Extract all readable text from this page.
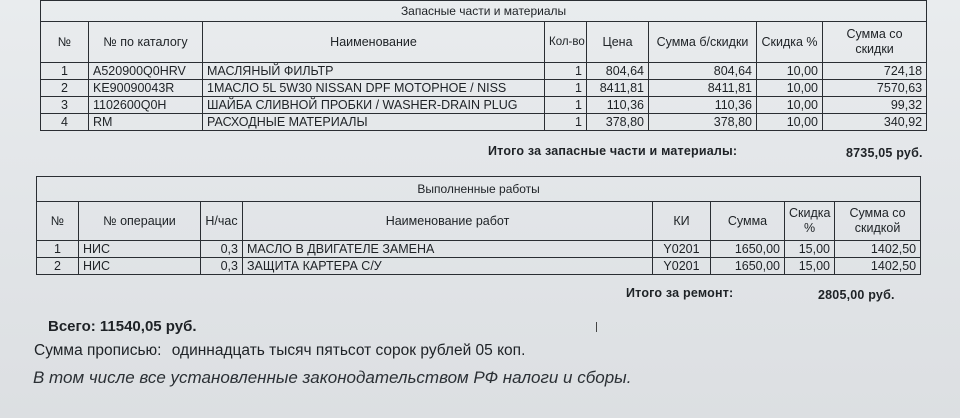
Запасные части и материалы							
№	№ по каталогу	Наименование	Кол-во	Цена	Сумма б/скидки	Скидка %	Сумма со скидки
1	A520900Q0HRV	МАСЛЯНЫЙ ФИЛЬТР	1	804,64	804,64	10,00	724,18
2	KE90090043R	1МАСЛО 5L 5W30 NISSAN DPF MOTOPHOE / NISS	1	8411,81	8411,81	10,00	7570,63
3	1102600Q0H	ШАЙБА СЛИВНОЙ ПРОБКИ / WASHER-DRAIN PLUG	1	110,36	110,36	10,00	99,32
4	RM	РАСХОДНЫЕ МАТЕРИАЛЫ	1	378,80	378,80	10,00	340,92
Итого за запасные части и материалы:	8735,05 руб.
Выполненные работы							
№	№ операции	Н/час	Наименование работ	КИ	Сумма	Скидка %	Сумма со скидкой
1	НИС	0,3	МАСЛО В ДВИГАТЕЛЕ ЗАМЕНА	Y0201	1650,00	15,00	1402,50
2	НИС	0,3	ЗАЩИТА КАРТЕРА С/У	Y0201	1650,00	15,00	1402,50
Итого за ремонт:	2805,00 руб.
Всего: 11540,05 руб.
Сумма прописью: одиннадцать тысяч пятьсот сорок рублей 05 коп.
В том числе все установленные законодательством РФ налоги и сборы.
